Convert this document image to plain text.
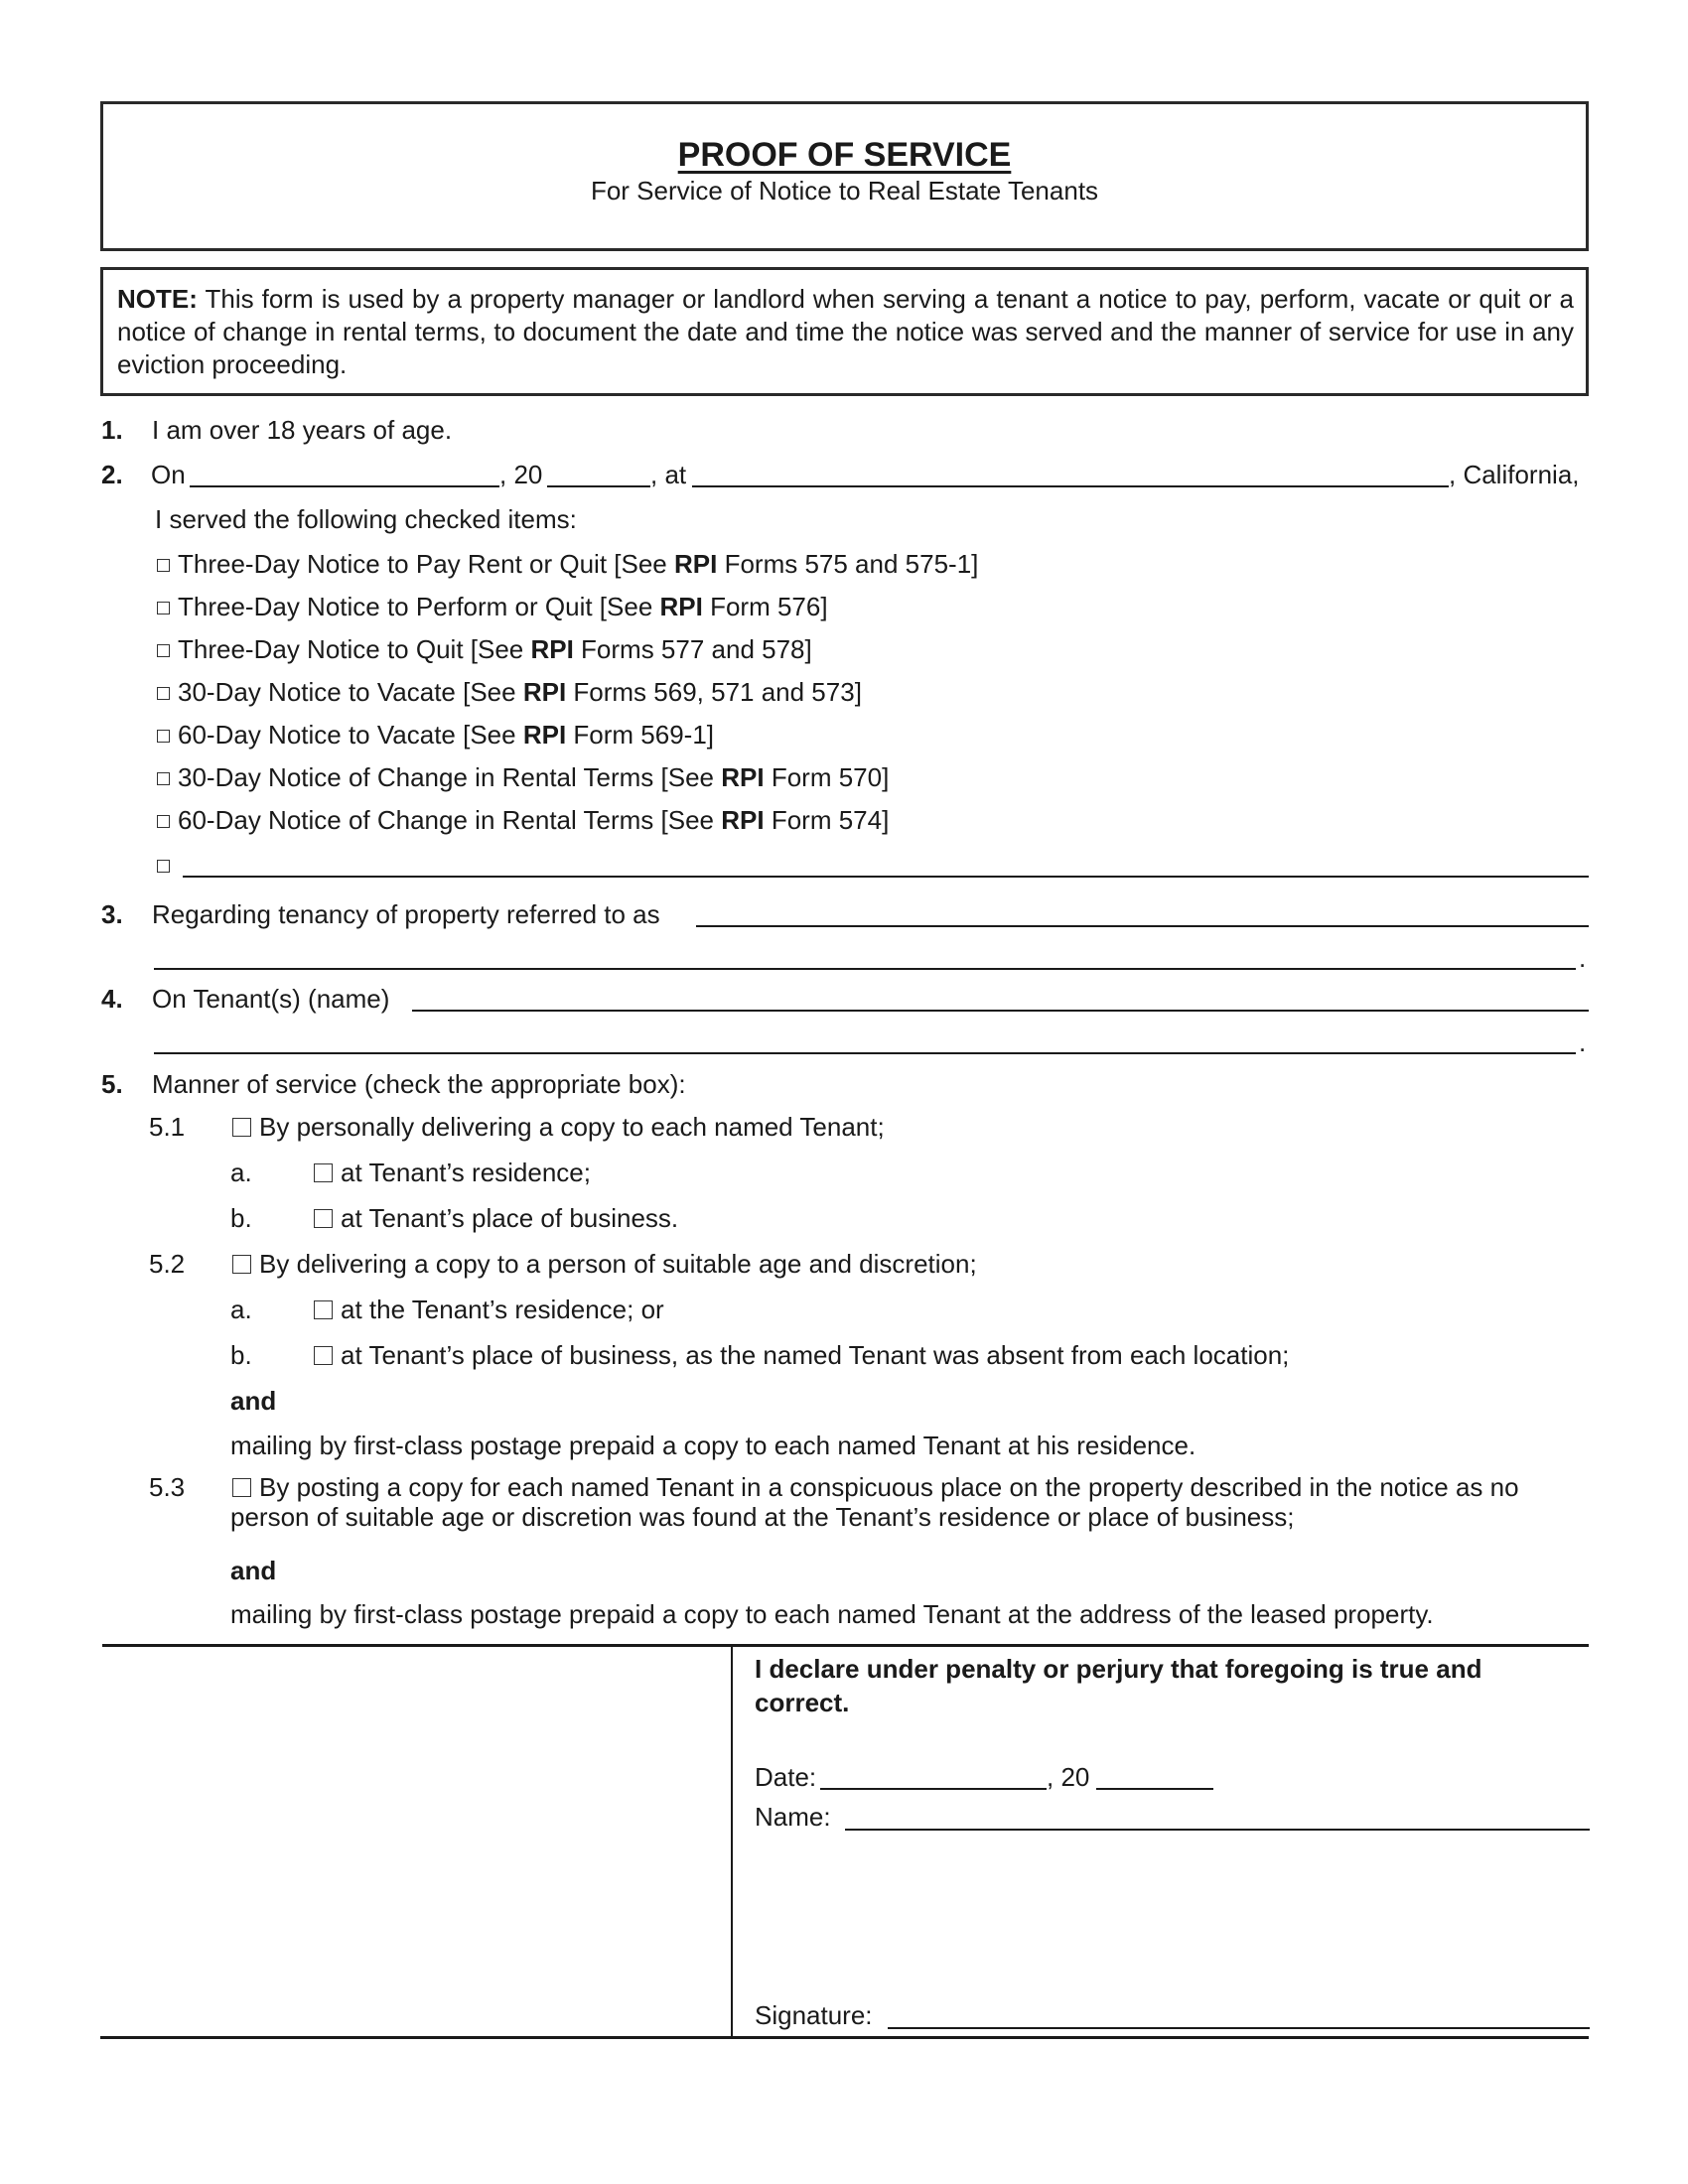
PROOF OF SERVICE
For Service of Notice to Real Estate Tenants
NOTE: This form is used by a property manager or landlord when serving a tenant a notice to pay, perform, vacate or quit or a notice of change in rental terms, to document the date and time the notice was served and the manner of service for use in any eviction proceeding.
1. I am over 18 years of age.
2. On	, 20	, at	, California,
I served the following checked items:
Three-Day Notice to Pay Rent or Quit [See RPI Forms 575 and 575-1]
Three-Day Notice to Perform or Quit [See RPI Form 576]
Three-Day Notice to Quit [See RPI Forms 577 and 578]
30-Day Notice to Vacate [See RPI Forms 569, 571 and 573]
60-Day Notice to Vacate [See RPI Form 569-1]
30-Day Notice of Change in Rental Terms [See RPI Form 570]
60-Day Notice of Change in Rental Terms [See RPI Form 574]
3. Regarding tenancy of property referred to as
.
4. On Tenant(s) (name)
.
5. Manner of service (check the appropriate box):
5.1	By personally delivering a copy to each named Tenant;
a.	at Tenant’s residence;
b.	at Tenant’s place of business.
5.2	By delivering a copy to a person of suitable age and discretion;
a.	at the Tenant’s residence; or
b.	at Tenant’s place of business, as the named Tenant was absent from each location;
and
mailing by first-class postage prepaid a copy to each named Tenant at his residence.
5.3	By posting a copy for each named Tenant in a conspicuous place on the property described in the notice as no
person of suitable age or discretion was found at the Tenant’s residence or place of business;
and
mailing by first-class postage prepaid a copy to each named Tenant at the address of the leased property.
I declare under penalty or perjury that foregoing is true and
correct.
Date:	, 20
Name:
Signature:
